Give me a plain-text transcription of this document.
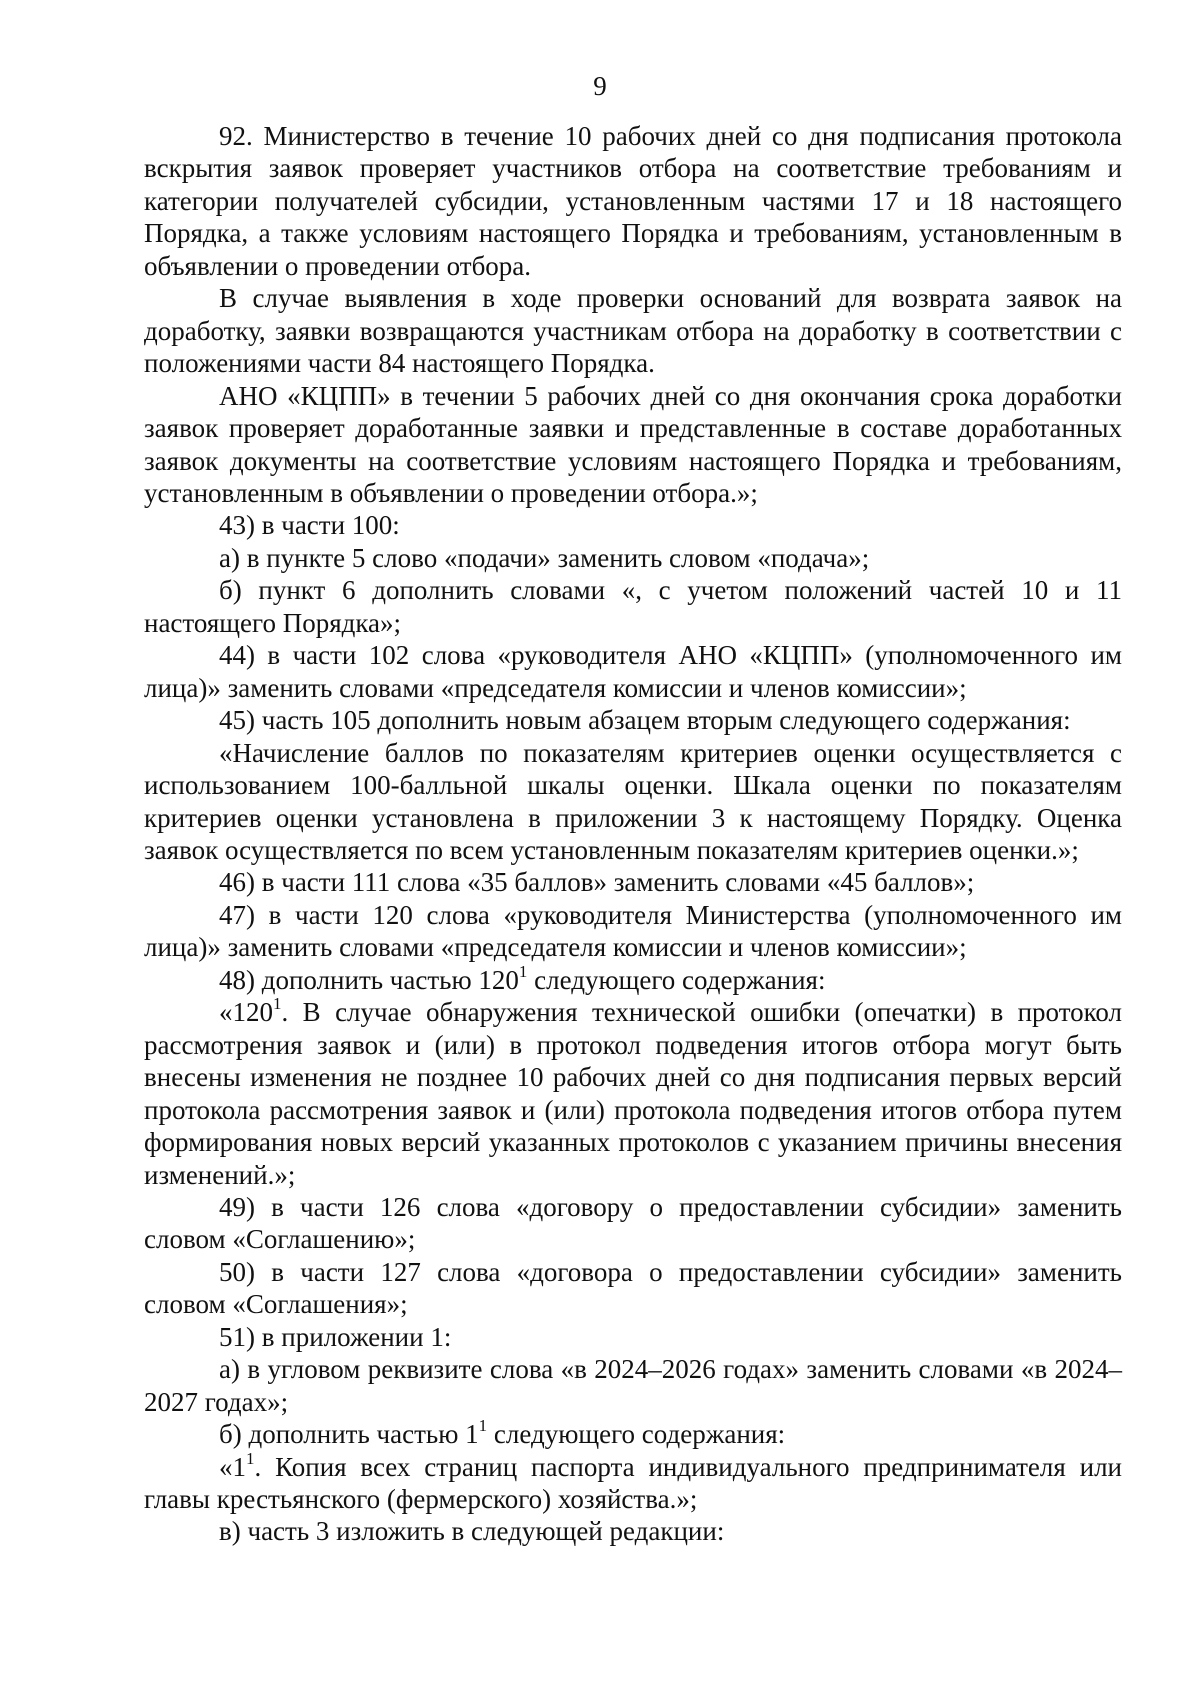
9

92. Министерство в течение 10 рабочих дней со дня подписания протокола вскрытия заявок проверяет участников отбора на соответствие требованиям и категории получателей субсидии, установленным частями 17 и 18 настоящего Порядка, а также условиям настоящего Порядка и требованиям, установленным в объявлении о проведении отбора.

В случае выявления в ходе проверки оснований для возврата заявок на доработку, заявки возвращаются участникам отбора на доработку в соответствии с положениями части 84 настоящего Порядка.

АНО «КЦПП» в течении 5 рабочих дней со дня окончания срока доработки заявок проверяет доработанные заявки и представленные в составе доработанных заявок документы на соответствие условиям настоящего Порядка и требованиям, установленным в объявлении о проведении отбора.»;

43) в части 100:

а) в пункте 5 слово «подачи» заменить словом «подача»;

б) пункт 6 дополнить словами «, с учетом положений частей 10 и 11 настоящего Порядка»;

44) в части 102 слова «руководителя АНО «КЦПП» (уполномоченного им лица)» заменить словами «председателя комиссии и членов комиссии»;

45) часть 105 дополнить новым абзацем вторым следующего содержания:

«Начисление баллов по показателям критериев оценки осуществляется с использованием 100-балльной шкалы оценки. Шкала оценки по показателям критериев оценки установлена в приложении 3 к настоящему Порядку. Оценка заявок осуществляется по всем установленным показателям критериев оценки.»;

46) в части 111 слова «35 баллов» заменить словами «45 баллов»;

47) в части 120 слова «руководителя Министерства (уполномоченного им лица)» заменить словами «председателя комиссии и членов комиссии»;

48) дополнить частью $120^1$ следующего содержания:

«$120^1$. В случае обнаружения технической ошибки (опечатки) в протокол рассмотрения заявок и (или) в протокол подведения итогов отбора могут быть внесены изменения не позднее 10 рабочих дней со дня подписания первых версий протокола рассмотрения заявок и (или) протокола подведения итогов отбора путем формирования новых версий указанных протоколов с указанием причины внесения изменений.»;

49) в части 126 слова «договору о предоставлении субсидии» заменить словом «Соглашению»;

50) в части 127 слова «договора о предоставлении субсидии» заменить словом «Соглашения»;

51) в приложении 1:

а) в угловом реквизите слова «в 2024–2026 годах» заменить словами «в 2024–2027 годах»;

б) дополнить частью $1^1$ следующего содержания:

«$1^1$. Копия всех страниц паспорта индивидуального предпринимателя или главы крестьянского (фермерского) хозяйства.»;

в) часть 3 изложить в следующей редакции:
